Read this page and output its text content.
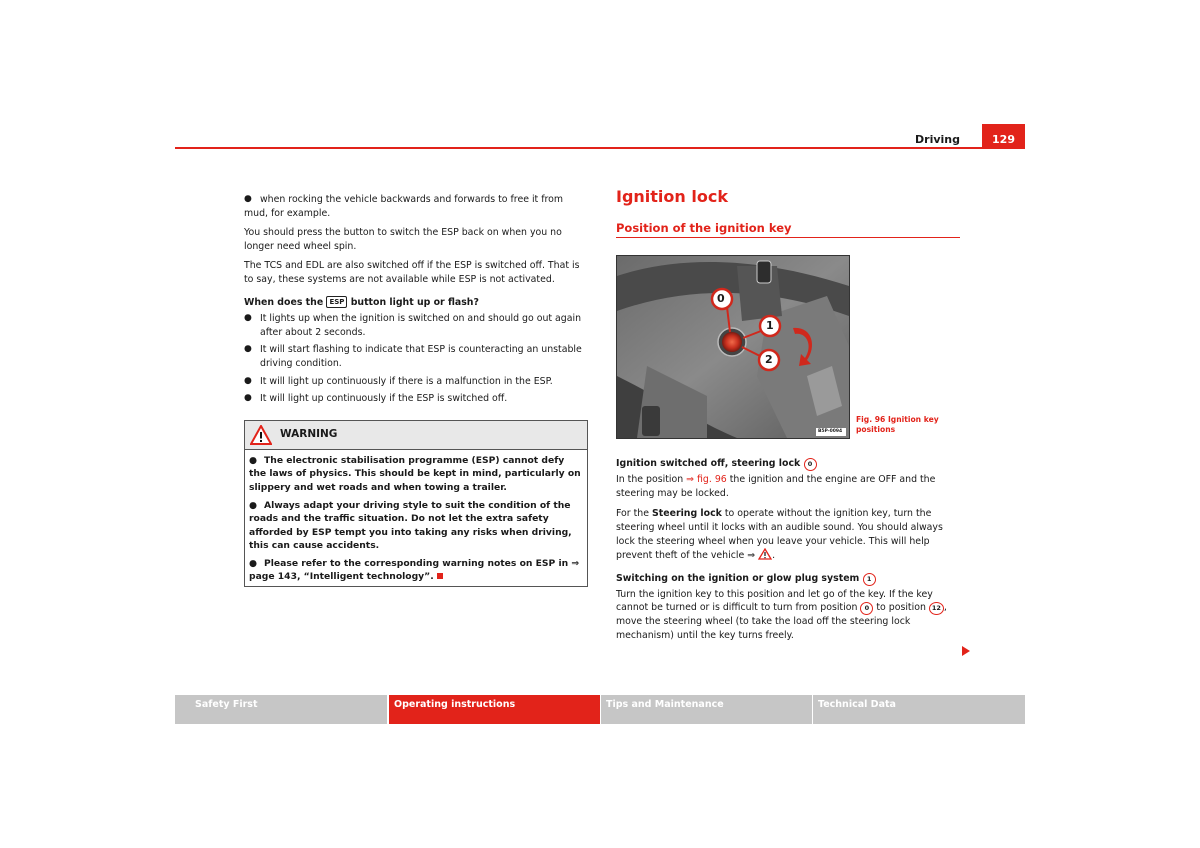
Driving	129
● when rocking the vehicle backwards and forwards to free it from mud, for example.

You should press the button to switch the ESP back on when you no longer need wheel spin.

The TCS and EDL are also switched off if the ESP is switched off. That is to say, these systems are not available while ESP is not activated.

When does the ESP button light up or flash?

● It lights up when the ignition is switched on and should go out again after about 2 seconds.
● It will start flashing to indicate that ESP is counteracting an unstable driving condition.
● It will light up continuously if there is a malfunction in the ESP.
● It will light up continuously if the ESP is switched off.
WARNING
● The electronic stabilisation programme (ESP) cannot defy the laws of physics. This should be kept in mind, particularly on slippery and wet roads and when towing a trailer.
● Always adapt your driving style to suit the condition of the roads and the traffic situation. Do not let the extra safety afforded by ESP tempt you into taking any risks when driving, this can cause accidents.
● Please refer to the corresponding warning notes on ESP in ⇒ page 143, “Intelligent technology”.
Ignition lock
Position of the ignition key
0
1
2
B5P-0094
Fig. 96 Ignition key positions

Ignition switched off, steering lock 0

In the position ⇒ fig. 96 the ignition and the engine are OFF and the steering may be locked.

For the Steering lock to operate without the ignition key, turn the steering wheel until it locks with an audible sound. You should always lock the steering wheel when you leave your vehicle. This will help prevent theft of the vehicle ⇒ .

Switching on the ignition or glow plug system 1

Turn the ignition key to this position and let go of the key. If the key cannot be turned or is difficult to turn from position 0 to position 12 , move the steering wheel (to take the load off the steering lock mechanism) until the key turns freely.

Safety First	Operating instructions	Tips and Maintenance	Technical Data
